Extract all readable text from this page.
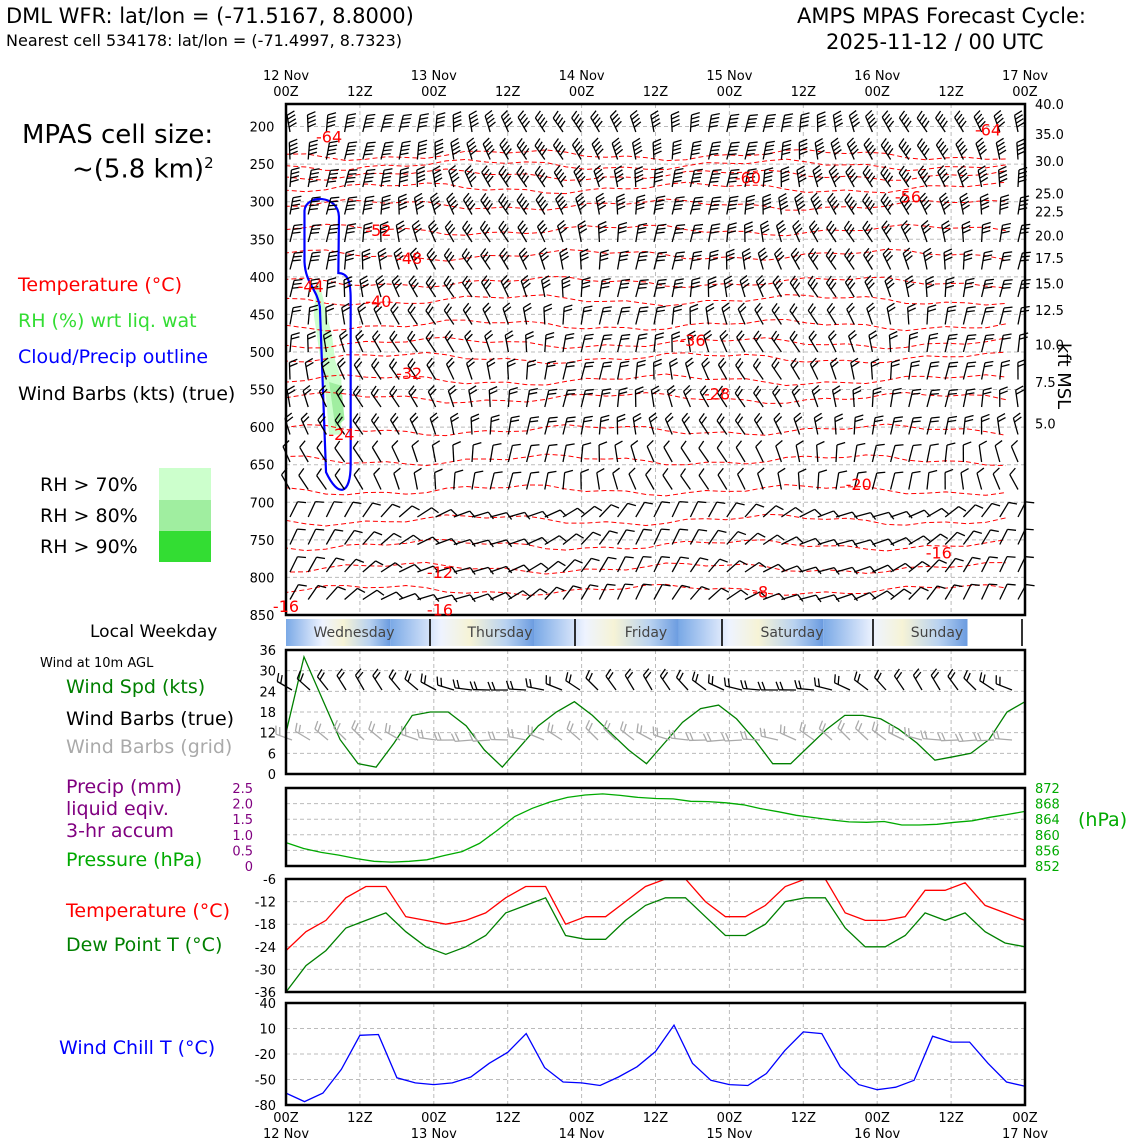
DML WFR: lat/lon = (-71.5167, 8.8000)
Nearest cell 534178: lat/lon = (-71.4997, 8.7323)
AMPS MPAS Forecast Cycle:
2025-11-12 / 00 UTC
MPAS cell size:
~(5.8 km)$^2$
Temperature (°C)
RH (%) wrt liq. wat
Cloud/Precip outline
Wind Barbs (kts) (true)
RH > 70%
RH > 80%
RH > 90%
Local Weekday
Wind at 10m AGL
Wind Spd (kts)
Wind Barbs (true)
Wind Barbs (grid)
Precip (mm)
liquid eqiv.
3-hr accum
Pressure (hPa)
(hPa)
Temperature (°C)
Dew Point T (°C)
Wind Chill T (°C)
200
250
300
350
400
450
500
550
600
650
700
750
800
850
40.0
35.0
30.0
25.0
22.5
20.0
17.5
15.0
12.5
10.0
7.5
5.0
-64	-64
-60
-56
-52
-48
-40
-36
-32
-28
-24
-20
-16
-12
-8
-16	-16
-44
12 Nov
00Z	12Z
13 Nov
00Z	12Z
14 Nov
00Z	12Z
15 Nov
00Z	12Z
16 Nov
00Z	12Z
17 Nov
00Z
Wednesday	Thursday	Friday	Saturday	Sunday
36
30
24
18
12
6
0
872
868
864
860
856
852
2.5
2.0
1.5
1.0
0.5
0
-36
-30
-24
-18
-12
-6
-80
-50
-20
10
40
00Z
12 Nov
12Z	00Z
13 Nov
12Z	00Z
14 Nov
12Z	00Z
15 Nov
12Z	00Z
16 Nov
12Z	00Z
17 Nov
kft MSL
